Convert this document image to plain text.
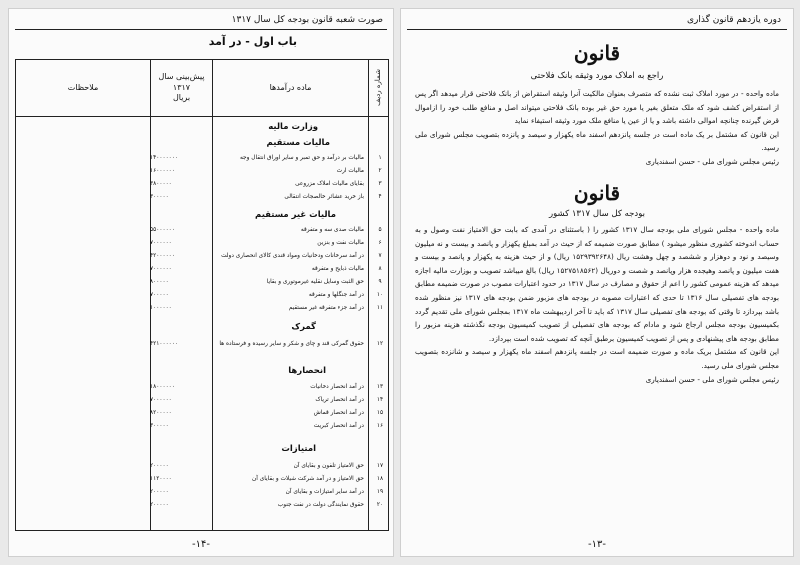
صورت شعبه قانون بودجه کل سال ۱۳۱۷
باب اول - در آمد
شماره ردیف
ماده درآمدها
پیش‌بینی سال ۱۳۱۷
بریال
ملاحظات
وزارت مالیه
مالیات مستقیم
۱
مالیات بر درآمد و حق تمبر و سایر اوراق انتقال وجه
۱۴۰۰۰۰۰۰۰
۲
مالیات ارث
۱۶۰۰۰۰۰۰
۳
بقایای مالیات املاک مزروعی
۳۸۰۰۰۰۰
۴
باز خرید عشائر خالصجات انتقالی
۳۰۰۰۰۰
مالیات غیر مستقیم
۵
مالیات صدی سه و متفرقه
۵۵۰۰۰۰۰۰
۶
مالیات نفت و بنزین
۷۰۰۰۰۰۰
۷
در آمد سرخانات ودخانیات ومواد قندی کالای انحصاری دولت
۴۲۰۰۰۰۰۰
۸
مالیات ذبایح و متفرقه
۷۰۰۰۰۰۰
۹
حق الثبت وسایل نقلیه غیرموتوری و بقایا
۸۰۰۰۰۰
۱۰
در آمد جنگلها و متفرقه
۷۰۰۰۰۰
۱۱
در آمد جزء متفرقه غیر مستقیم
۱۰۰۰۰۰۰
گمرک
۱۲
حقوق گمرکی قند و چای و شکر و سایر رسیده و فرستاده ها
۴۲۱۰۰۰۰۰۰
انحصارها
۱۳
در آمد انحصار دخانیات
۱۸۰۰۰۰۰۰
۱۴
در آمد انحصار تریاک
۷۰۰۰۰۰۰
۱۵
در آمد انحصار قماش
۸۲۰۰۰۰۰
۱۶
در آمد انحصار کبریت
۳۰۰۰۰۰
امتیازات
۱۷
حق الامتیاز تلفون و بقایای آن
۲۰۰۰۰۰
۱۸
حق الامتیاز و در آمد شرکت شیلات و بقایای آن
۱۱۲۰۰۰۰
۱۹
در آمد سایر امتیازات و بقایای آن
۲۰۰۰۰۰
۲۰
حقوق نمایندگی دولت در نفت جنوب
۲۰۰۰۰۰
-۱۴-
دوره یازدهم قانون گذاری
قانون
راجع به املاک مورد وثیقه بانک فلاحتی

ماده واحده - در مورد املاک ثبت نشده که متصرف بعنوان مالکیت آنرا وثیقه استقراض از بانک فلاحتی قرار میدهد اگر پس از استقراض کشف شود که ملک متعلق بغیر یا مورد حق غیر بوده بانک فلاحتی میتواند اصل و منافع طلب خود را ازاموال قرض گیرنده چنانچه اموالی داشته باشد و یا از عین یا منافع ملک مورد وثیقه استیفاء نماید

این قانون که مشتمل بر یک ماده است در جلسه پانزدهم اسفند ماه یکهزار و سیصد و پانزده بتصویب مجلس شورای ملی رسید.

رئیس مجلس شورای ملی - حسن اسفندیاری

قانون
بودجه کل سال ۱۳۱۷ کشور

ماده واحده - مجلس شورای ملی بودجه سال ۱۳۱۷ کشور را ( باستثنای در آمدی که بابت حق الامتیاز نفت وصول و به حساب اندوخته کشوری منظور میشود ) مطابق صورت ضمیمه که از حیث در آمد بمبلغ یکهزار و پانصد و بیست و نه میلیون وسیصد و نود و دوهزار و ششصد و چهل وهشت ریال (۱۵۲۹۳۹۲۶۴۸ ریال) و از حیث هزینه به یکهزار و پانصد و بیست و هفت میلیون و پانصد وهیجده هزار وپانصد و شصت و دوریال (۱۵۲۷۵۱۸۵۶۲ ریال) بالغ میباشد تصویب و بوزارت مالیه اجازه میدهد که هزینه عمومی کشور را اعم از حقوق و مصارف در سال ۱۳۱۷ در حدود اعتبارات مصوب در صورت ضمیمه مطابق بودجه های تفصیلی سال ۱۳۱۶ تا حدی که اعتبارات مصوبه در بودجه های مزبور ضمن بودجه های ۱۳۱۷ نیز منظور شده باشد بپردازد تا وقتی که بودجه های تفصیلی سال ۱۳۱۷ که باید تا آخر اردیبهشت ماه ۱۳۱۷ بمجلس شورای ملی تقدیم گردد بکمیسیون بودجه مجلس ارجاع شود و مادام که بودجه های تفصیلی از تصویب کمیسیون بودجه نگذشته هزینه مزبور را مطابق بودجه های پیشنهادی و پس از تصویب کمیسیون برطبق آنچه که تصویب شده است بپردازد.

این قانون که مشتمل بریک ماده و صورت ضمیمه است در جلسه پانزدهم اسفند ماه یکهزار و سیصد و شانزده بتصویب مجلس شورای ملی رسید.

رئیس مجلس شورای ملی - حسن اسفندیاری

-۱۳-
